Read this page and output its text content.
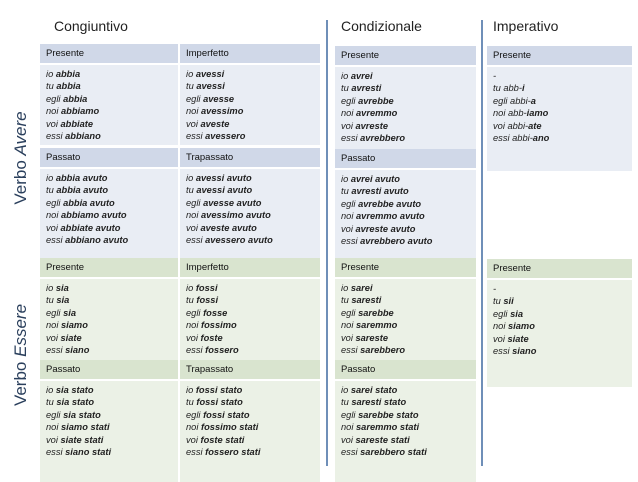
Congiuntivo	Condizionale	Imperativo
Verbo Avere
Verbo Essere
Presente
io abbia
tu abbia
egli abbia
noi abbiamo
voi abbiate
essi abbiano
Imperfetto
io avessi
tu avessi
egli avesse
noi avessimo
voi aveste
essi avessero
Passato
io abbia avuto
tu abbia avuto
egli abbia avuto
noi abbiamo avuto
voi abbiate avuto
essi abbiano avuto
Trapassato
io avessi avuto
tu avessi avuto
egli avesse avuto
noi avessimo avuto
voi aveste avuto
essi avessero avuto
Presente
io avrei
tu avresti
egli avrebbe
noi avremmo
voi avreste
essi avrebbero
Passato
io avrei avuto
tu avresti avuto
egli avrebbe avuto
noi avremmo avuto
voi avreste avuto
essi avrebbero avuto
Presente
-
tu abb-i
egli abbi-a
noi abb-iamo
voi abbi-ate
essi abbi-ano
Presente
io sia
tu sia
egli sia
noi siamo
voi siate
essi siano
Imperfetto
io fossi
tu fossi
egli fosse
noi fossimo
voi foste
essi fossero
Passato
io sia stato
tu sia stato
egli sia stato
noi siamo stati
voi siate stati
essi siano stati
Trapassato
io fossi stato
tu fossi stato
egli fossi stato
noi fossimo stati
voi foste stati
essi fossero stati
Presente
io sarei
tu saresti
egli sarebbe
noi saremmo
voi sareste
essi sarebbero
Passato
io sarei stato
tu saresti stato
egli sarebbe stato
noi saremmo stati
voi sareste stati
essi sarebbero stati
Presente
-
tu sii
egli sia
noi siamo
voi siate
essi siano
